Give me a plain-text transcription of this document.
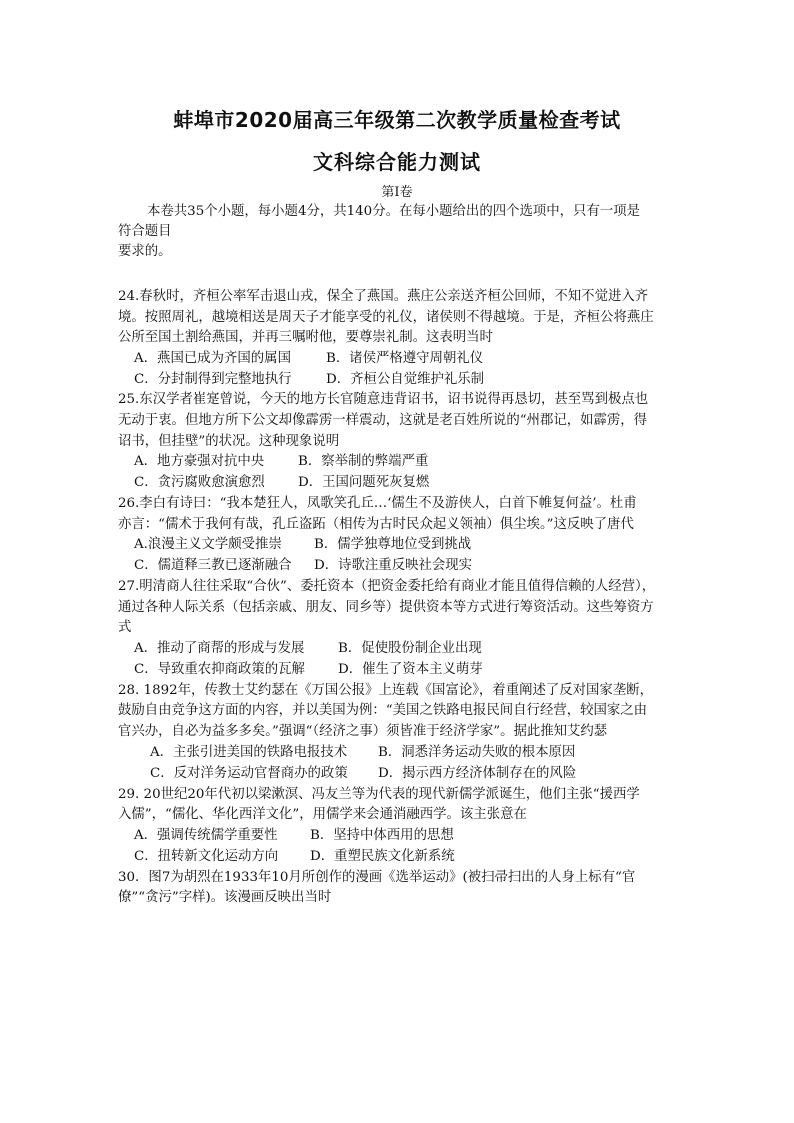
蚌埠市2020届高三年级第二次教学质量检查考试
文科综合能力测试
第Ⅰ卷
本卷共35个小题，每小题4分，共140分。在每小题给出的四个选项中，只有一项是
符合题目
要求的。
24.春秋时，齐桓公率军击退山戎，保全了燕国。燕庄公亲送齐桓公回师，不知不觉进入齐
境。按照周礼，越境相送是周天子才能享受的礼仪，诸侯则不得越境。于是，齐桓公将燕庄
公所至国土割给燕国，并再三嘱咐他，要尊崇礼制。这表明当时
A．燕国已成为齐国的属国	B．诸侯严格遵守周朝礼仪
C．分封制得到完整地执行	D．齐桓公自觉维护礼乐制
25.东汉学者崔寔曾说，今天的地方长官随意违背诏书，诏书说得再恳切，甚至骂到极点也
无动于衷。但地方所下公文却像霹雳一样震动，这就是老百姓所说的“州郡记，如霹雳，得
诏书，但挂壁”的状况。这种现象说明
A．地方豪强对抗中央	B．察举制的弊端严重
C．贪污腐败愈演愈烈 D．王国问题死灰复燃
26.李白有诗曰：“我本楚狂人，凤歌笑孔丘…‘儒生不及游侠人，白首下帷复何益’。杜甫
亦言：“儒术于我何有哉，孔丘盗跖（相传为古时民众起义领袖）俱尘埃。”这反映了唐代
A.浪漫主义文学颇受推崇 B．儒学独尊地位受到挑战
C．儒道释三教已逐渐融合 D．诗歌注重反映社会现实
27.明清商人往往采取“合伙”、委托资本（把资金委托给有商业才能且值得信赖的人经营），
通过各种人际关系（包括亲戚、朋友、同乡等）提供资本等方式进行筹资活动。这些筹资方
式
A．推动了商帮的形成与发展	B．促使股份制企业出现
C．导致重农抑商政策的瓦解 D．催生了资本主义萌芽
28. 1892年，传教士艾约瑟在《万国公报》上连载《国富论》，着重阐述了反对国家垄断，
鼓励自由竞争这方面的内容，并以美国为例：“美国之铁路电报民间自行经营，较国家之由
官兴办，自必为益多多矣。”强调“（经济之事）须皆准于经济学家”。据此推知艾约瑟
A．主张引进美国的铁路电报技术 B．洞悉洋务运动失败的根本原因
C．反对洋务运动官督商办的政策 D．揭示西方经济体制存在的风险
29. 20世纪20年代初以梁漱溟、冯友兰等为代表的现代新儒学派诞生，他们主张“援西学
入儒”，“儒化、华化西洋文化”，用儒学来会通消融西学。该主张意在
A．强调传统儒学重要性 B．坚持中体西用的思想
C．扭转新文化运动方向 D．重塑民族文化新系统
30．图7为胡烈在1933年10月所创作的漫画《选举运动》(被扫帚扫出的人身上标有“官
僚”“贪污”字样)。该漫画反映出当时
